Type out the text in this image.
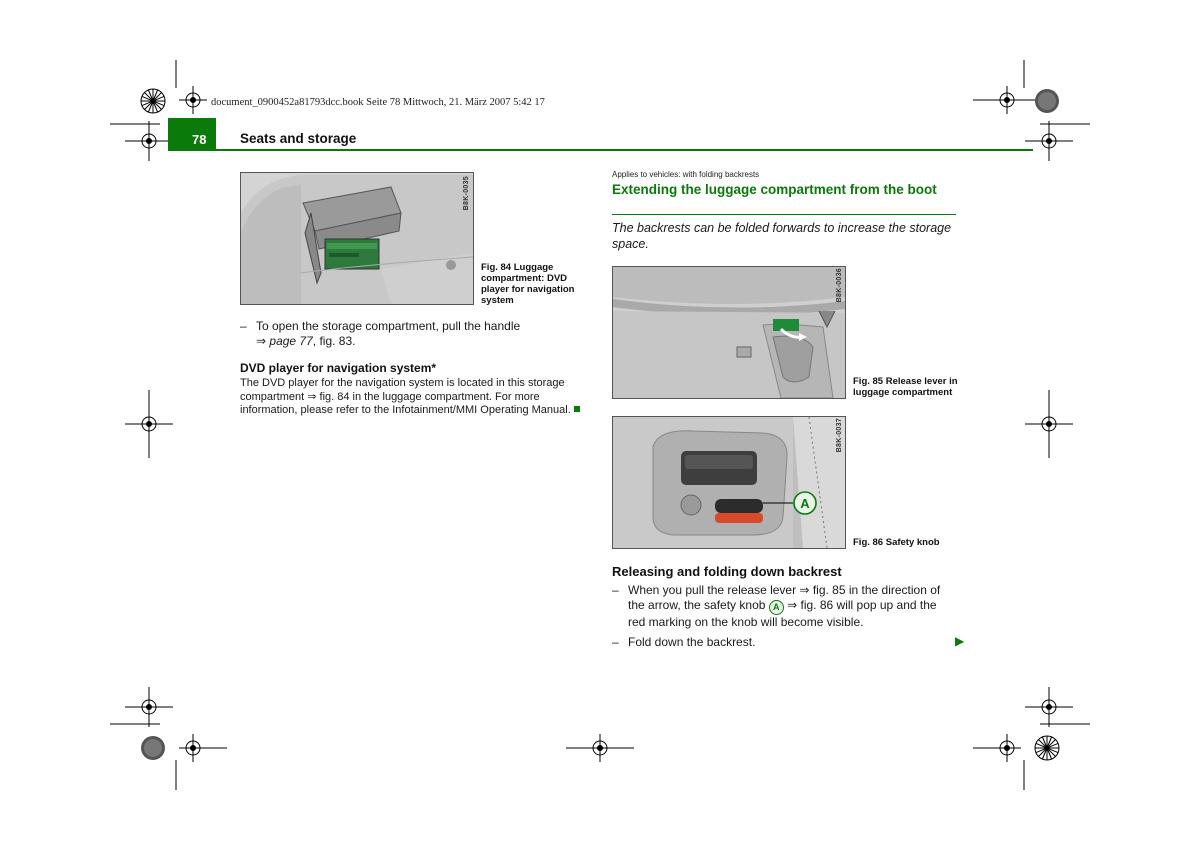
document_0900452a81793dcc.book Seite 78 Mittwoch, 21. März 2007 5:42 17
78 Seats and storage
B8K-0035
Fig. 84 Luggage compartment: DVD player for navigation system
– To open the storage compartment, pull the handle
⇒ page 77, fig. 83.
DVD player for navigation system*
The DVD player for the navigation system is located in this storage compartment ⇒ fig. 84 in the luggage compartment. For more information, please refer to the Infotainment/MMI Operating Manual.
Applies to vehicles: with folding backrests
Extending the luggage compartment from the boot
The backrests can be folded forwards to increase the storage space.
B8K-0036
Fig. 85 Release lever in luggage compartment
A
B8K-0037
Fig. 86 Safety knob
Releasing and folding down backrest
– When you pull the release lever ⇒ fig. 85 in the direction of the arrow, the safety knob A ⇒ fig. 86 will pop up and the red marking on the knob will become visible.
– Fold down the backrest.	▶
